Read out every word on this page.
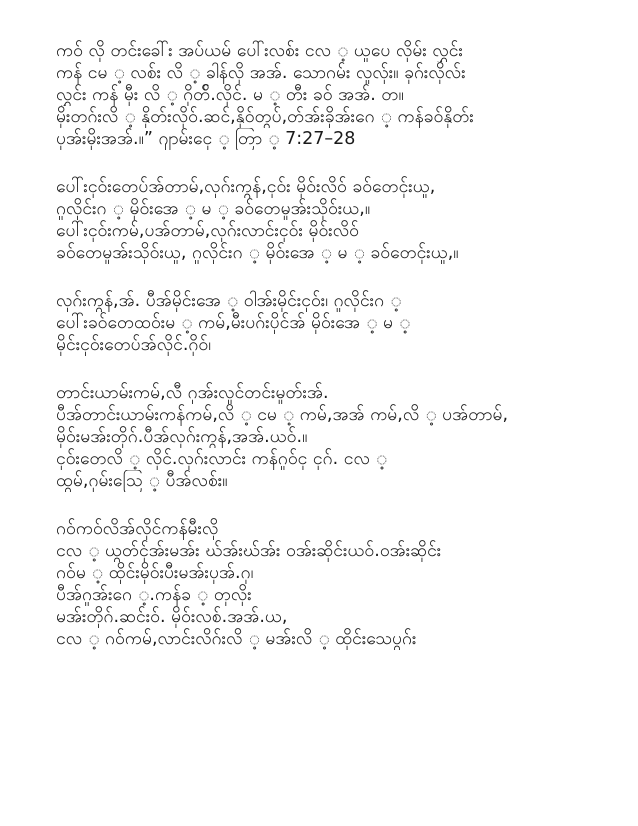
ကဝ် လို တင်းခေါ်း အပ်ယမ် ပေါ်းလစ်း ငလ ့ ယူပေ လိုမ်း လွှင်း
ကန် ငမ ့ လစ်း လိ ့ ခါန်လို အအ်. သောဂမ်း လူလှ်း။ ခုဂ်းလိုလ်း
လွှင်း ကန် မှီး လိ ့ ဂိုတ်ိ.လိုင်. မ ့ တီး ခဝ် အအ်. တ။
မိုးတဂ်းလိ ့ နိုတ်းလိုဝ်.ဆင်,နိုဝ်တွပ်,တ်အ်းခိုအ်းဂေ ့ ကန်ခဝ်နိုတ်း
ပုအ်းမိုးအအ်.။” ဂျာမ်းငှေ ့ တြာ ့ 7:27–28
ပေါ်းငှဝ်းတေပ်အ်တာမ်,လုဂ်းကွန်,ငှဝ်း မိုဝ်းလိဝ် ခဝ်တေငှ်းယူ,
ဂူလိုင်းဂ ့ မိုဝ်းအေ ့ မ ့ ခဝ်တေမှုအ်းသိုဝ်းယ,။
ပေါ်းငှဝ်းကမ်,ပအ်တာမ်,လုဂ်းလာင်းငှဝ်း မိုဝ်းလိဝ်
ခဝ်တေမှုအ်းသိုဝ်းယူ, ဂူလိုင်းဂ ့ မိုဝ်းအေ ့ မ ့ ခဝ်တေငှ်းယူ,။
လုဂ်းကွန်,အ်. ပီအ်မိုင်းအေ ့ ဝါအ်းမိုင်းငှဝ်း၊ ဂူလိုင်းဂ ့
ပေါ်းခဝ်တေထဝ်းမ ့ ကမ်,မီးပဂ်းပိုင်အ် မိုဝ်းအေ ့ မ ့
မိုင်းငှဝ်းတေပ်အ်လိုင်.ဂိုဝ်၊
တာင်းယာမ်းကမ်,လီ ဂုအ်းလှုင်တင်းမှုတ်းအ်.
ပီအ်တာင်းယာမ်းကန်ကမ်,လိ ့ ငမ ့ ကမ်,အအ် ကမ်,လိ ့ ပအ်တာမ်,
မိုဝ်းမအ်းတိုဂ်.ပီအ်လုဂ်းကွန်,အအ်.ယဝ်.။
ငှဝ်းတေလိ ့ လိုင်.လုဂ်းလာင်း ကန်ဂူဝ်ငှ ငှဂ်. ငလ ့
ထွမ်,ဂုမ်းဩေ ့ ပီအ်လစ်း။
ဂဝ်ကဝ်လိအ်လိုင်ကန်မီးလို
ငလ ့ ယွတ်ငှ်အ်းမအ်း ဃ်အ်းဃ်အ်း ဝအ်းဆိုင်းယဝ်.ဝအ်းဆိုင်း
ဂဝ်မ ့ ထိုင်းမိုဝ်းပီးမအ်းပုအ်.ဂှ၊
ပီအ်ဂူအ်းဂေ ့.ကန်ခ ့ တုလိုး
မအ်းတိုဂ်.ဆင်းဝ်. မိုဝ်းလစ်.အအ်.ယ,
ငလ ့ ဂဝ်ကမ်,လာင်းလိဂ်းလိ ့ မအ်းလိ ့ ထိုင်းသေပွဂ်း
